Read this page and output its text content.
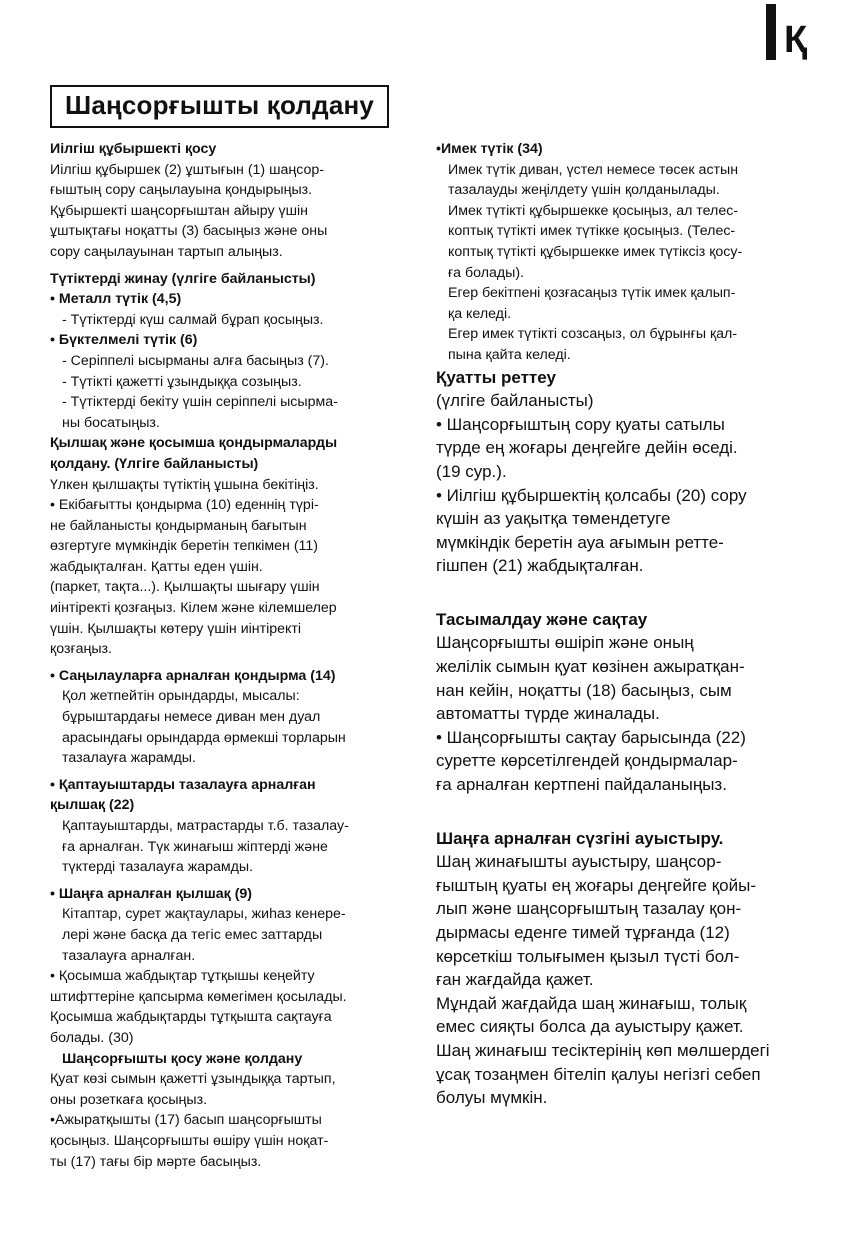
Қ
Шаңсорғышты қолдану
Иілгіш құбыршекті қосу
Иілгіш құбыршек (2) ұштығын (1) шаңсор-
ғыштың сору саңылауына қондырыңыз.
Құбыршекті шаңсорғыштан айыру үшін
ұштықтағы ноқатты (3) басыңыз және оны
сору саңылауынан тартып алыңыз.
Түтіктерді жинау (үлгіге байланысты)
• Металл түтік (4,5)
- Түтіктерді күш салмай бұрап қосыңыз.
• Бүктелмелі түтік (6)
- Серіппелі ысырманы алға басыңыз (7).
- Түтікті қажетті ұзындыққа созыңыз.
- Түтіктерді бекіту үшін серіппелі ысырма-
ны босатыңыз.
Қылшақ және қосымша қондырмаларды
қолдану. (Үлгіге байланысты)
Үлкен қылшақты түтіктің ұшына бекітіңіз.
• Екібағытты қондырма (10) еденнің түрі-
не байланысты қондырманың бағытын
өзгертуге мүмкіндік беретін тепкімен (11)
жабдықталған. Қатты еден үшін.
(паркет, тақта...). Қылшақты шығару үшін
иінтіректі қозғаңыз. Кілем және кілемшелер
үшін. Қылшақты көтеру үшін иінтіректі
қозғаңыз.
• Саңылауларға арналған қондырма (14)
Қол жетпейтін орындарды, мысалы:
бұрыштардағы немесе диван мен дуал
арасындағы орындарда өрмекші торларын
тазалауға жарамды.
• Қаптауыштарды тазалауға арналған
қылшақ (22)
Қаптауыштарды, матрастарды т.б. тазалау-
ға арналған. Түк жинағыш жіптерді және
түктерді тазалауға жарамды.
• Шаңға арналған қылшақ (9)
Кітаптар, сурет жақтаулары, жиһаз кенере-
лері және басқа да тегіс емес заттарды
тазалауға арналған.
• Қосымша жабдықтар тұтқышы кеңейту
штифттеріне қапсырма көмегімен қосылады.
Қосымша жабдықтарды тұтқышта сақтауға
болады. (30)
Шаңсорғышты қосу және қолдану
Қуат көзі сымын қажетті ұзындыққа тартып,
оны розеткаға қосыңыз.
•Ажыратқышты (17) басып шаңсорғышты
қосыңыз. Шаңсорғышты өшіру үшін ноқат-
ты (17) тағы бір мәрте басыңыз.
•Имек түтік (34)
Имек түтік диван, үстел немесе төсек астын
тазалауды жеңілдету үшін қолданылады.
Имек түтікті құбыршекке қосыңыз, ал телес-
коптық түтікті имек түтікке қосыңыз. (Телес-
коптық түтікті құбыршекке имек түтіксіз қосу-
ға болады).
Егер бекітпені қозғасаңыз түтік имек қалып-
қа келеді.
Егер имек түтікті созсаңыз, ол бұрынғы қал-
пына қайта келеді.
Қуатты реттеу
(үлгіге байланысты)
• Шаңсорғыштың сору қуаты сатылы
түрде ең жоғары деңгейге дейін өседі.
(19 сур.).
• Иілгіш құбыршектің қолсабы (20) сору
күшін аз уақытқа төмендетуге
мүмкіндік беретін ауа ағымын ретте-
гішпен (21) жабдықталған.
Тасымалдау және сақтау
Шаңсорғышты өшіріп және оның
желілік сымын қуат көзінен ажыратқан-
нан кейін, ноқатты (18) басыңыз, сым
автоматты түрде жиналады.
• Шаңсорғышты сақтау барысында (22)
суретте көрсетілгендей қондырмалар-
ға арналған кертпені пайдаланыңыз.
Шаңға арналған сүзгіні ауыстыру.
Шаң жинағышты ауыстыру, шаңсор-
ғыштың қуаты ең жоғары деңгейге қойы-
лып және шаңсорғыштың тазалау қон-
дырмасы еденге тимей тұрғанда (12)
көрсеткіш толығымен қызыл түсті бол-
ған жағдайда қажет.
Мұндай жағдайда шаң жинағыш, толық
емес сияқты болса да ауыстыру қажет.
Шаң жинағыш тесіктерінің көп мөлшердегі
ұсақ тозаңмен бітеліп қалуы негізгі себеп
болуы мүмкін.
